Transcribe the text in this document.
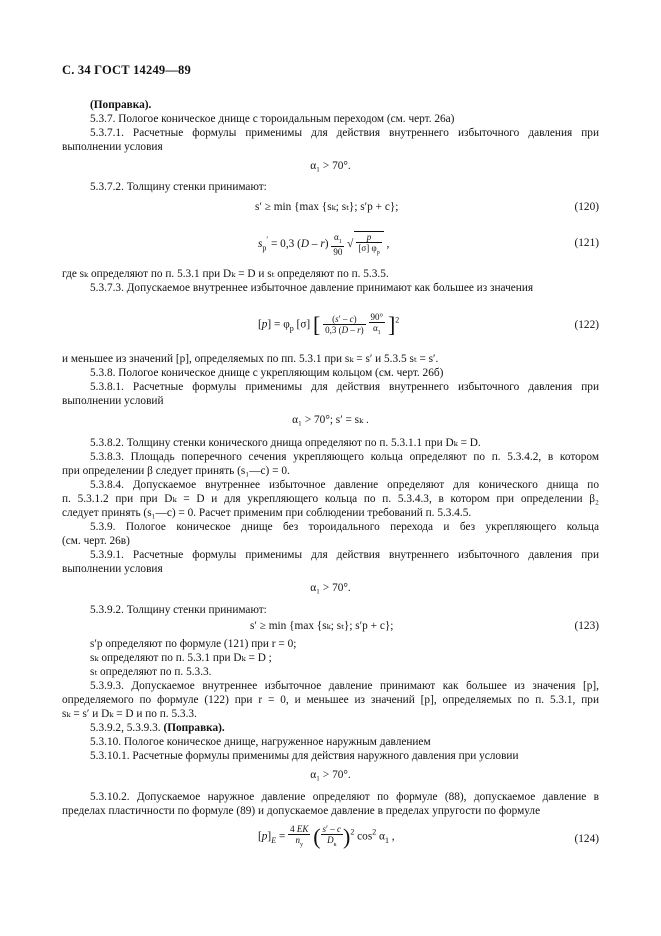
С. 34 ГОСТ 14249—89
(Поправка).
5.3.7. Пологое коническое днище с тороидальным переходом (см. черт. 26а)
5.3.7.1. Расчетные формулы применимы для действия внутреннего избыточного давления при
выполнении условия
α₁ > 70°.
5.3.7.2. Толщину стенки принимают:
s′ ≥ min {max {sₖ; sₜ}; s′р + c};	(120)
$s_р' = 0,3$ $(D - r) \frac{\alpha_1}{90}$ √ $\frac{p}{[\sigma] \varphi_р}$ ,	(121)
где sₖ определяют по п. 5.3.1 при Dₖ = D и sₜ определяют по п. 5.3.5.
5.3.7.3. Допускаемое внутреннее избыточное давление принимают как большее из значения
$[p] = \varphi_р$ [σ] [ $\frac{(s' - c)}{0,3 (D - r)}$
$\frac{90^\circ}{\alpha_1} ]^2$	(122)
и меньшее из значений [p], определяемых по пп. 5.3.1 при sₖ = s′ и 5.3.5 sₜ = s′.
5.3.8. Пологое коническое днище с укрепляющим кольцом (см. черт. 26б)
5.3.8.1. Расчетные формулы применимы для действия внутреннего избыточного давления при
выполнении условий
α₁ > 70°; s′ = sₖ .
5.3.8.2. Толщину стенки конического днища определяют по п. 5.3.1.1 при Dₖ = D.
5.3.8.3. Площадь поперечного сечения укрепляющего кольца определяют по п. 5.3.4.2, в котором
при определении β следует принять (s₁—c) = 0.
5.3.8.4. Допускаемое внутреннее избыточное давление определяют для конического днища по
п. 5.3.1.2 при при Dₖ = D и для укрепляющего кольца по п. 5.3.4.3, в котором при определении β₂
следует принять (s₁—c) = 0. Расчет применим при соблюдении требований п. 5.3.4.5.
5.3.9. Пологое коническое днище без тороидального перехода и без укрепляющего кольца
(см. черт. 26в)
5.3.9.1. Расчетные формулы применимы для действия внутреннего избыточного давления при
выполнении условия
α₁ > 70°.
5.3.9.2. Толщину стенки принимают:
s′ ≥ min {max {sₖ; sₜ}; s′р + c};	(123)
s′р определяют по формуле (121) при r = 0;
sₖ определяют по п. 5.3.1 при Dₖ = D ;
sₜ определяют по п. 5.3.3.
5.3.9.3. Допускаемое внутреннее избыточное давление принимают как большее из значения [p],
определяемого по формуле (122) при r = 0, и меньшее из значений [p], определяемых по п. 5.3.1, при
sₖ = s′ и Dₖ = D и по п. 5.3.3.
5.3.9.2, 5.3.9.3. (Поправка).
5.3.10. Пологое коническое днище, нагруженное наружным давлением
5.3.10.1. Расчетные формулы применимы для действия наружного давления при условии
α₁ > 70°.
5.3.10.2. Допускаемое наружное давление определяют по формуле (88), допускаемое давление в
пределах пластичности по формуле (89) и допускаемое давление в пределах упругости по формуле
$[p]_E = \frac{4 EK}{n_у}$ ( $\frac{s' - c}{D_к} )^2$ $\cos^2 \alpha_1$ ,	(124)
